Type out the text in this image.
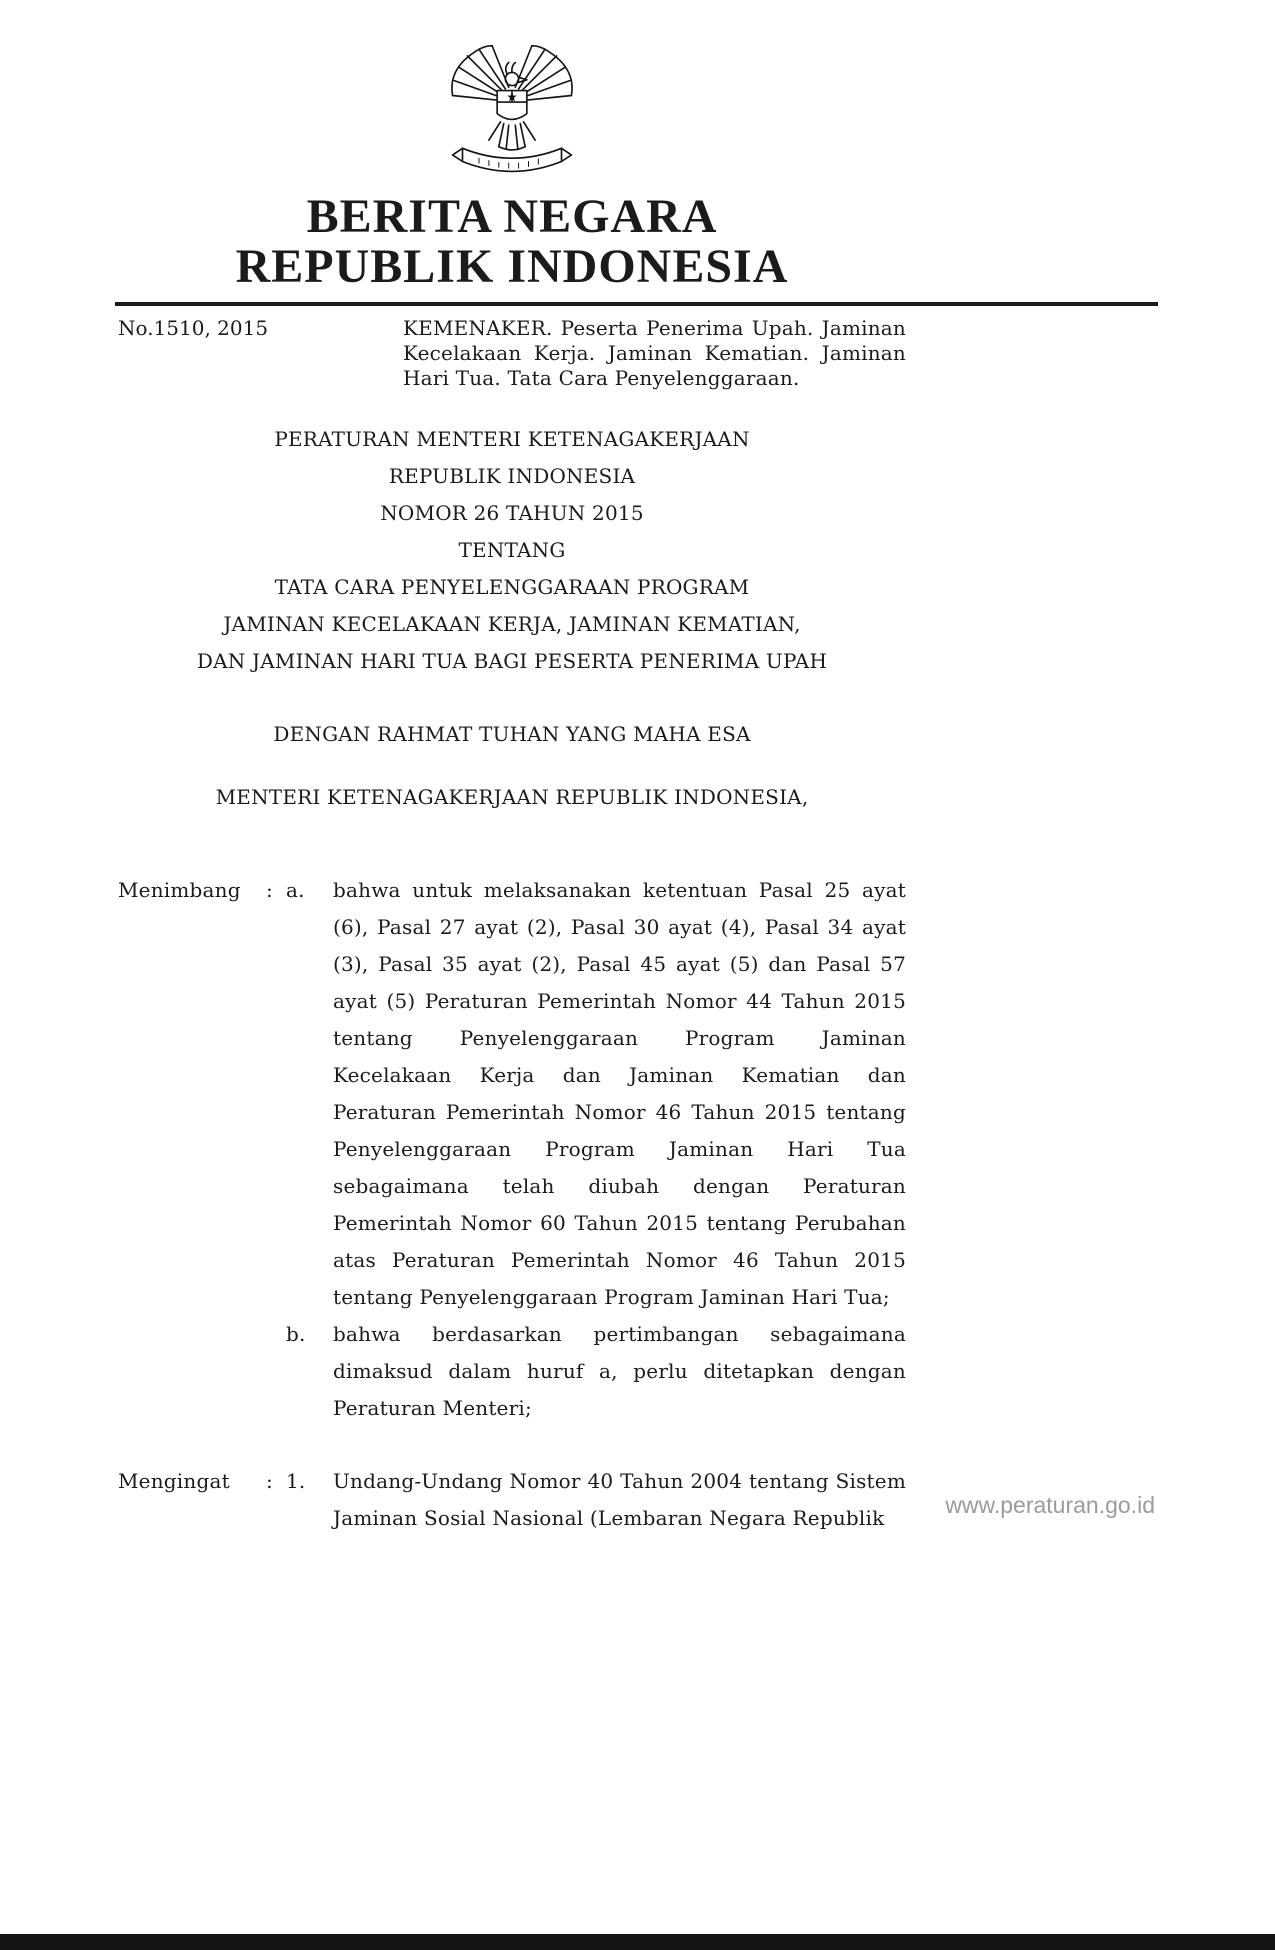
BERITA NEGARA
REPUBLIK INDONESIA
No.1510, 2015	KEMENAKER. Peserta Penerima Upah. Jaminan Kecelakaan Kerja. Jaminan Kematian. Jaminan Hari Tua. Tata Cara Penyelenggaraan.
PERATURAN MENTERI KETENAGAKERJAAN
REPUBLIK INDONESIA
NOMOR 26 TAHUN 2015
TENTANG
TATA CARA PENYELENGGARAAN PROGRAM
JAMINAN KECELAKAAN KERJA, JAMINAN KEMATIAN,
DAN JAMINAN HARI TUA BAGI PESERTA PENERIMA UPAH
DENGAN RAHMAT TUHAN YANG MAHA ESA
MENTERI KETENAGAKERJAAN REPUBLIK INDONESIA,
Menimbang	: a.	bahwa untuk melaksanakan ketentuan Pasal 25 ayat (6), Pasal 27 ayat (2), Pasal 30 ayat (4), Pasal 34 ayat (3), Pasal 35 ayat (2), Pasal 45 ayat (5) dan Pasal 57 ayat (5) Peraturan Pemerintah Nomor 44 Tahun 2015 tentang Penyelenggaraan Program Jaminan Kecelakaan Kerja dan Jaminan Kematian dan Peraturan Pemerintah Nomor 46 Tahun 2015 tentang Penyelenggaraan Program Jaminan Hari Tua sebagaimana telah diubah dengan Peraturan Pemerintah Nomor 60 Tahun 2015 tentang Perubahan atas Peraturan Pemerintah Nomor 46 Tahun 2015 tentang Penyelenggaraan Program Jaminan Hari Tua;
b.	bahwa berdasarkan pertimbangan sebagaimana dimaksud dalam huruf a, perlu ditetapkan dengan Peraturan Menteri;
Mengingat	: 1.	Undang-Undang Nomor 40 Tahun 2004 tentang Sistem Jaminan Sosial Nasional (Lembaran Negara Republik	www.peraturan.go.id
